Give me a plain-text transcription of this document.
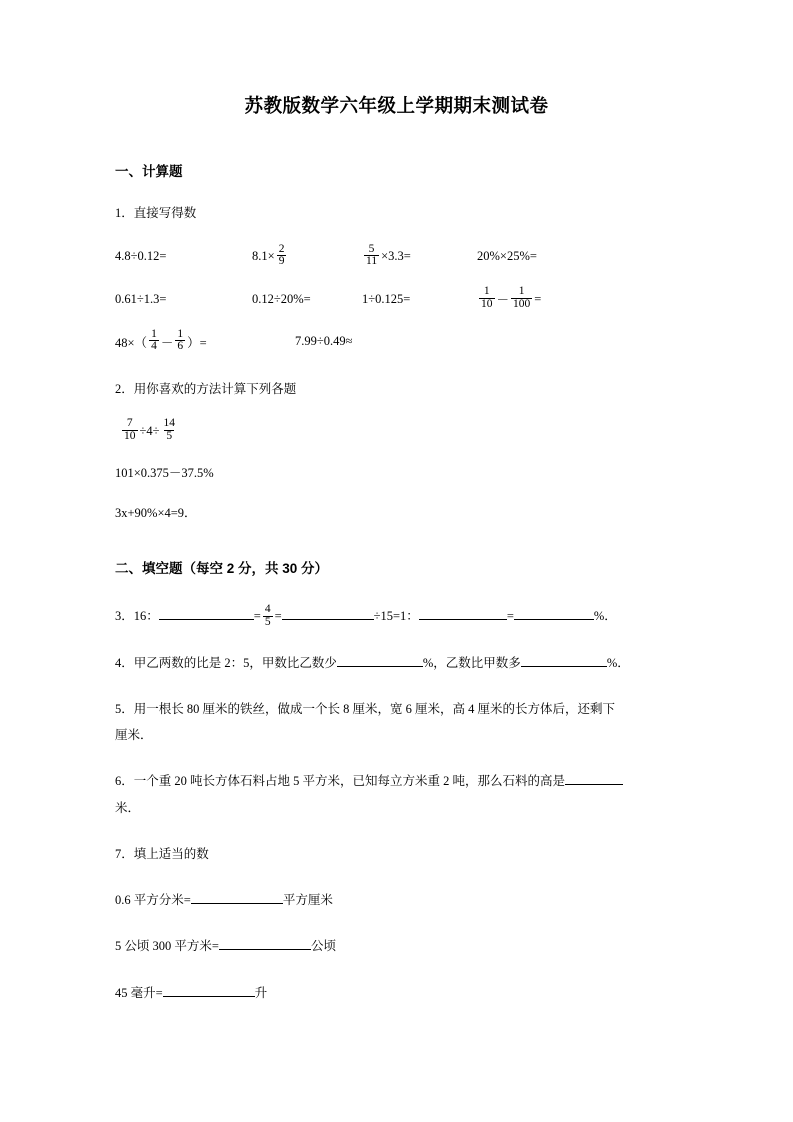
苏教版数学六年级上学期期末测试卷
一、计算题
1．直接写得数
4.8÷0.12=	$8.1\times \frac{2}{9}$	$\frac{5}{11} \times 3.3=$	20%×25%=
0.61÷1.3=	0.12÷20%=	1÷0.125=	$\frac{1}{10} - \frac{1}{100}$ =
$48\times( \frac{1}{4} - \frac{1}{6}$ ）=	7.99÷0.49≈
2．用你喜欢的方法计算下列各题
$\frac{7}{10} \div 4\div \frac{14}{5}$
101×0.375－37.5%
3x+90%×4=9．
二、填空题（每空 2 分，共 30 分）
3．16：	= $\frac{4}{5}$ =	÷15=1：	=	%．
4．甲乙两数的比是 2：5，甲数比乙数少	%，乙数比甲数多	%．
5．用一根长 80 厘米的铁丝，做成一个长 8 厘米，宽 6 厘米，高 4 厘米的长方体后，还剩下
厘米．
6．一个重 20 吨长方体石料占地 5 平方米，已知每立方米重 2 吨，那么石料的高是
米．
7．填上适当的数
0.6 平方分米=	平方厘米
5 公顷 300 平方米=	公顷
45 毫升=	升
